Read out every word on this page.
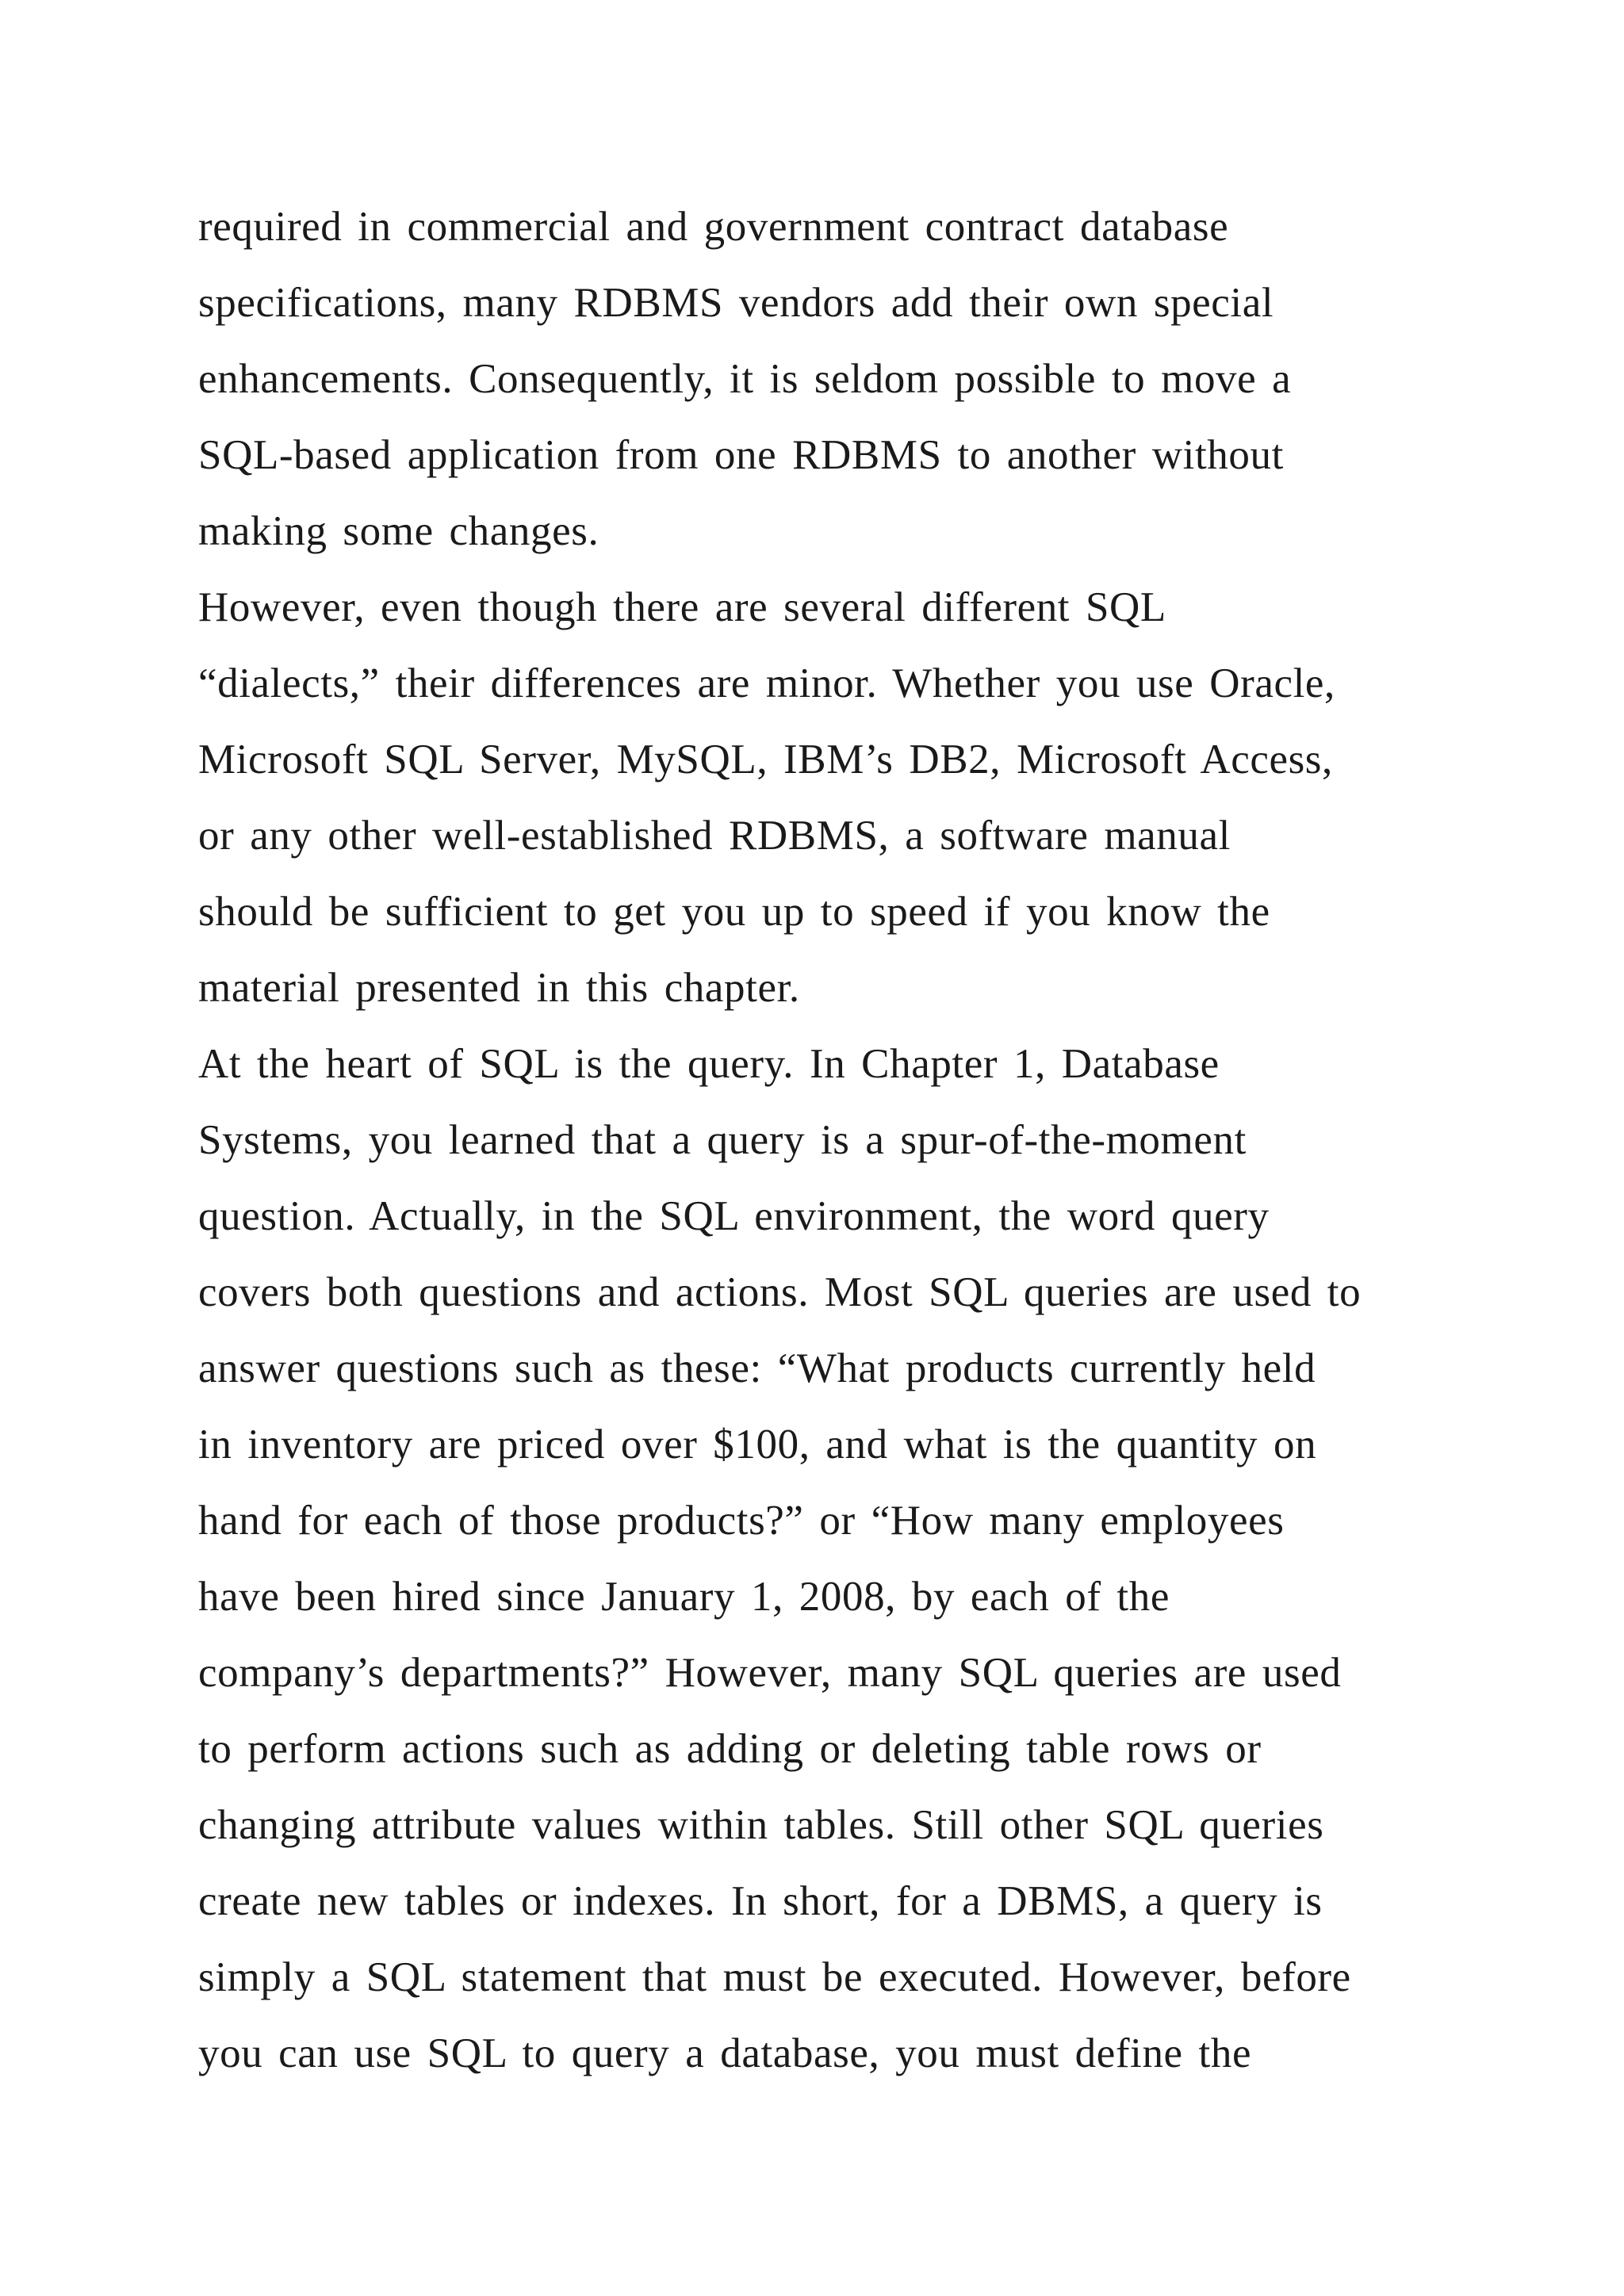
required in commercial and government contract database
specifications, many RDBMS vendors add their own special
enhancements. Consequently, it is seldom possible to move a
SQL-based application from one RDBMS to another without
making some changes.
However, even though there are several different SQL
“dialects,” their differences are minor. Whether you use Oracle,
Microsoft SQL Server, MySQL, IBM’s DB2, Microsoft Access,
or any other well-established RDBMS, a software manual
should be sufficient to get you up to speed if you know the
material presented in this chapter.
At the heart of SQL is the query. In Chapter 1, Database
Systems, you learned that a query is a spur-of-the-moment
question. Actually, in the SQL environment, the word query
covers both questions and actions. Most SQL queries are used to
answer questions such as these: “What products currently held
in inventory are priced over $100, and what is the quantity on
hand for each of those products?” or “How many employees
have been hired since January 1, 2008, by each of the
company’s departments?” However, many SQL queries are used
to perform actions such as adding or deleting table rows or
changing attribute values within tables. Still other SQL queries
create new tables or indexes. In short, for a DBMS, a query is
simply a SQL statement that must be executed. However, before
you can use SQL to query a database, you must define the
